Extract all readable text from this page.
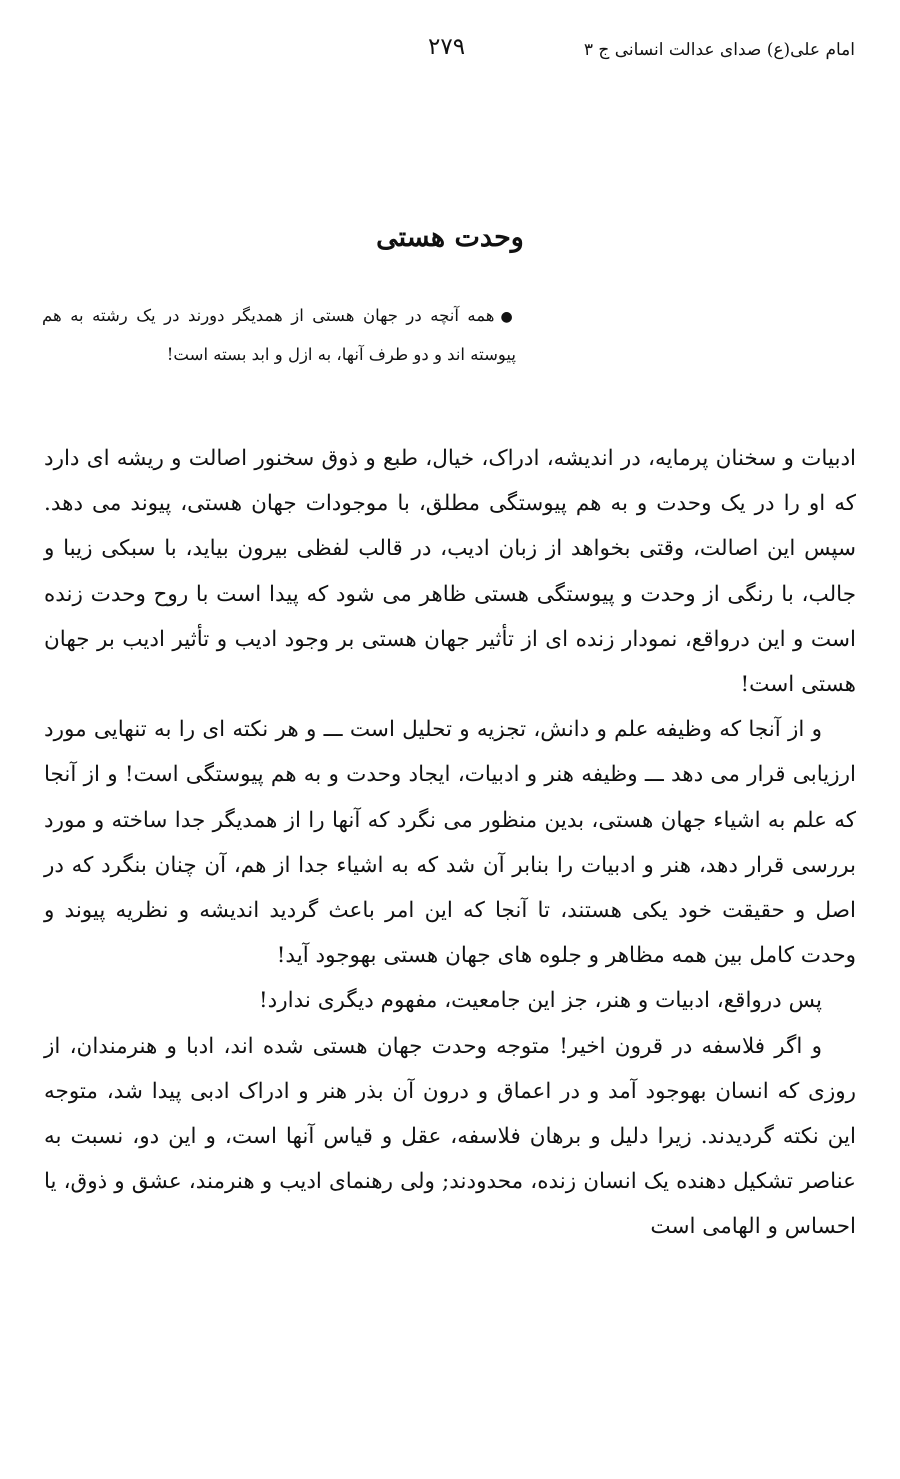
امام علی(ع) صدای عدالت انسانی ج ۳
۲۷۹
وحدت هستی
●همه آنچه در جهان هستی از همدیگر دورند در یک رشته به هم پیوسته اند و دو طرف آنها، به ازل و ابد بسته است!

ادبیات و سخنان پرمایه، در اندیشه، ادراک، خیال، طبع و ذوق سخنور اصالت و ریشه ای دارد که او را در یک وحدت و به هم پیوستگی مطلق، با موجودات جهان هستی، پیوند می دهد. سپس این اصالت، وقتی بخواهد از زبان ادیب، در قالب لفظی بیرون بیاید، با سبکی زیبا و جالب، با رنگی از وحدت و پیوستگی هستی ظاهر می شود که پیدا است با روح وحدت زنده است و این درواقع، نمودار زنده ای از تأثیر جهان هستی بر وجود ادیب و تأثیر ادیب بر جهان هستی است!

و از آنجا که وظیفه علم و دانش، تجزیه و تحلیل است ـــ و هر نکته ای را به تنهایی مورد ارزیابی قرار می دهد ـــ وظیفه هنر و ادبیات، ایجاد وحدت و به هم پیوستگی است! و از آنجا که علم به اشیاء جهان هستی، بدین منظور می نگرد که آنها را از همدیگر جدا ساخته و مورد بررسی قرار دهد، هنر و ادبیات را بنابر آن شد که به اشیاء جدا از هم، آن چنان بنگرد که در اصل و حقیقت خود یکی هستند، تا آنجا که این امر باعث گردید اندیشه و نظریه پیوند و وحدت کامل بین همه مظاهر و جلوه های جهان هستی بهوجود آید!

پس درواقع، ادبیات و هنر، جز این جامعیت، مفهوم دیگری ندارد!

و اگر فلاسفه در قرون اخیر! متوجه وحدت جهان هستی شده اند، ادبا و هنرمندان، از روزی که انسان بهوجود آمد و در اعماق و درون آن بذر هنر و ادراک ادبی پیدا شد، متوجه این نکته گردیدند. زیرا دلیل و برهان فلاسفه، عقل و قیاس آنها است، و این دو، نسبت به عناصر تشکیل دهنده یک انسان زنده، محدودند; ولی رهنمای ادیب و هنرمند، عشق و ذوق، یا احساس و الهامی است
